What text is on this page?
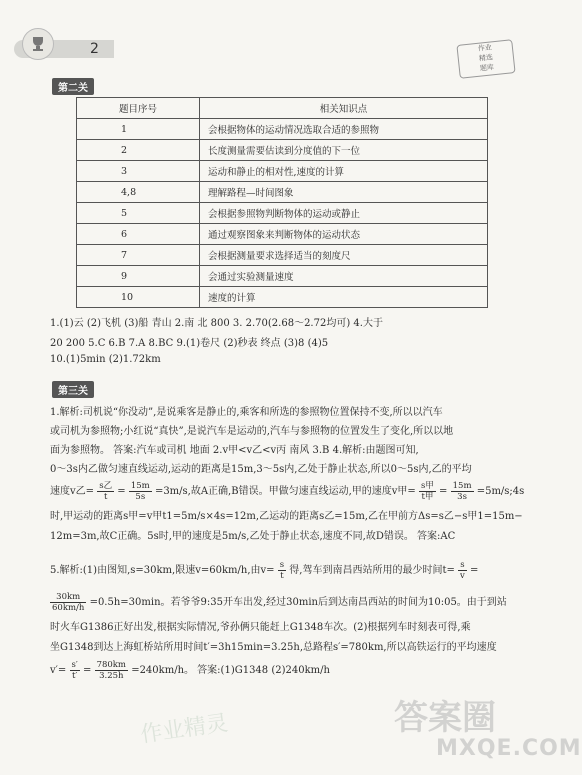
2	作业
精选
题库
第二关
题目序号	相关知识点
1	会根据物体的运动情况选取合适的参照物
2	长度测量需要估读到分度值的下一位
3	运动和静止的相对性,速度的计算
4,8	理解路程—时间图象
5	会根据参照物判断物体的运动或静止
6	通过观察图象来判断物体的运动状态
7	会根据测量要求选择适当的刻度尺
9	会通过实验测量速度
10	速度的计算
1.(1)云 (2)飞机 (3)船 青山 2.南 北 800 3. 2.70(2.68～2.72均可) 4.大于
20 200 5.C 6.B 7.A 8.BC 9.(1)卷尺 (2)秒表 终点 (3)8 (4)5
10.(1)5min (2)1.72km
第三关
1.解析:司机说“你没动”,是说乘客是静止的,乘客和所选的参照物位置保持不变,所以以汽车
或司机为参照物;小红说“真快”,是说汽车是运动的,汽车与参照物的位置发生了变化,所以以地
面为参照物。 答案:汽车或司机 地面 2.v甲<v乙<v丙 南风 3.B 4.解析:由题图可知,
0～3s内乙做匀速直线运动,运动的距离是15m,3～5s内,乙处于静止状态,所以0～5s内,乙的平均
速度v乙= $\frac{\text{s乙}}{t} = \frac{15m}{5s} =3m/s$,故A正确,B错误。甲做匀速直线运动,甲的速度v甲= $\frac{\text{s甲}}{\text{t甲}} = \frac{15m}{3s}$ =5m/s;4s
时,甲运动的距离s甲=v甲t1=5m/s×4s=12m,乙运动的距离s乙=15m,乙在甲前方Δs=s乙−s甲1=15m−
12m=3m,故C正确。5s时,甲的速度是5m/s,乙处于静止状态,速度不同,故D错误。 答案:AC
5.解析:(1)由图知,s=30km,限速v=60km/h,由$v= \frac{s}{t}$ 得,驾车到南昌西站所用的最少时间$t= \frac{s}{v}$ =
$\frac{30km}{60km/h} =0.5h=30\min$。若爷爷9:35开车出发,经过30min后到达南昌西站的时间为10:05。由于到站
时火车G1386正好出发,根据实际情况,爷孙俩只能赶上G1348车次。(2)根据列车时刻表可得,乘
坐G1348到达上海虹桥站所用时间t′=3h15min=3.25h,总路程s′=780km,所以高铁运行的平均速度
$v'= \frac{s'}{t'} = \frac{780km}{3.25h} =240km/h$。 答案:(1)G1348 (2)240km/h
作业精灵	答案圈
MXQE.COM
